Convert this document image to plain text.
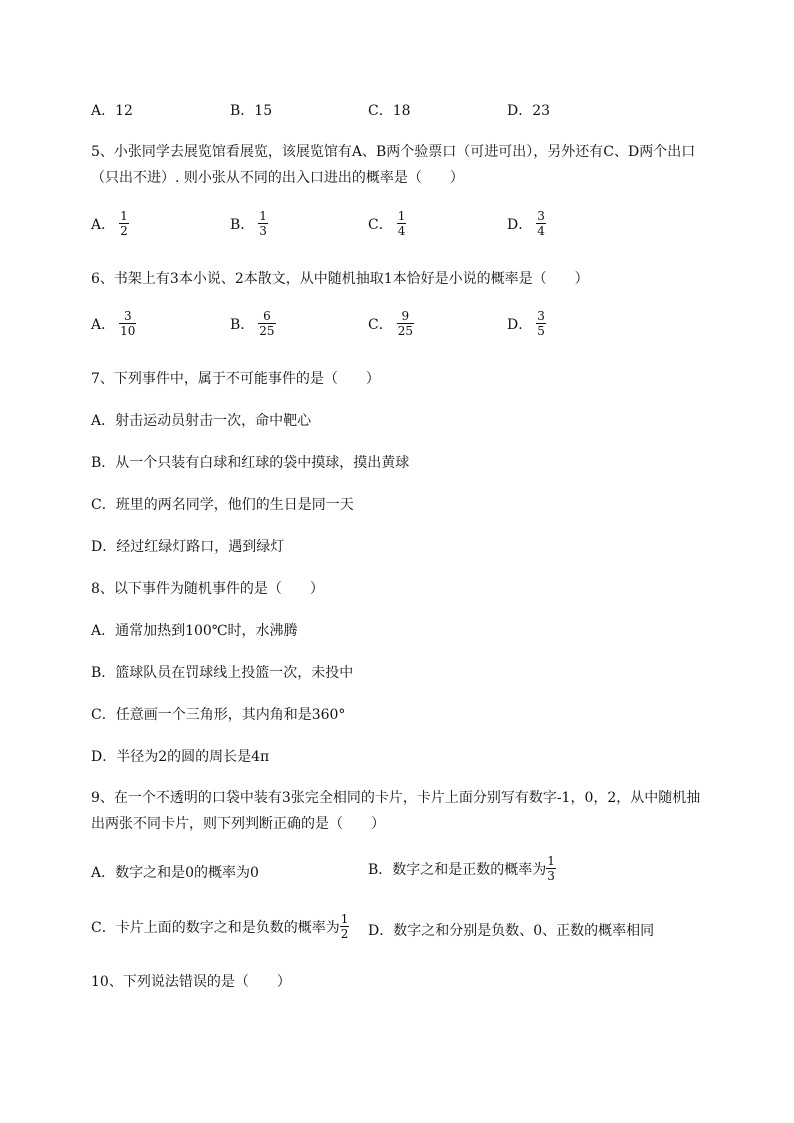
A．12	B．15	C．18	D．23
5、小张同学去展览馆看展览，该展览馆有A、B两个验票口（可进可出），另外还有C、D两个出口
（只出不进）. 则小张从不同的出入口进出的概率是（　　）
A． $\frac{1}{2}$	B． $\frac{1}{3}$	C． $\frac{1}{4}$	D． $\frac{3}{4}$
6、书架上有3本小说、2本散文，从中随机抽取1本恰好是小说的概率是（　　）
A． $\frac{3}{10}$	B． $\frac{6}{25}$	C． $\frac{9}{25}$	D． $\frac{3}{5}$
7、下列事件中，属于不可能事件的是（　　）
A．射击运动员射击一次，命中靶心
B．从一个只装有白球和红球的袋中摸球，摸出黄球
C．班里的两名同学，他们的生日是同一天
D．经过红绿灯路口，遇到绿灯
8、以下事件为随机事件的是（　　）
A．通常加热到100℃时，水沸腾
B．篮球队员在罚球线上投篮一次，未投中
C．任意画一个三角形，其内角和是360°
D．半径为2的圆的周长是4π
9、在一个不透明的口袋中装有3张完全相同的卡片，卡片上面分别写有数字-1，0，2，从中随机抽
出两张不同卡片，则下列判断正确的是（　　）
A．数字之和是0的概率为0	B．数字之和是正数的概率为 $\frac{1}{3}$
C．卡片上面的数字之和是负数的概率为 $\frac{1}{2}$ D．数字之和分别是负数、0、正数的概率相同
10、下列说法错误的是（　　）
